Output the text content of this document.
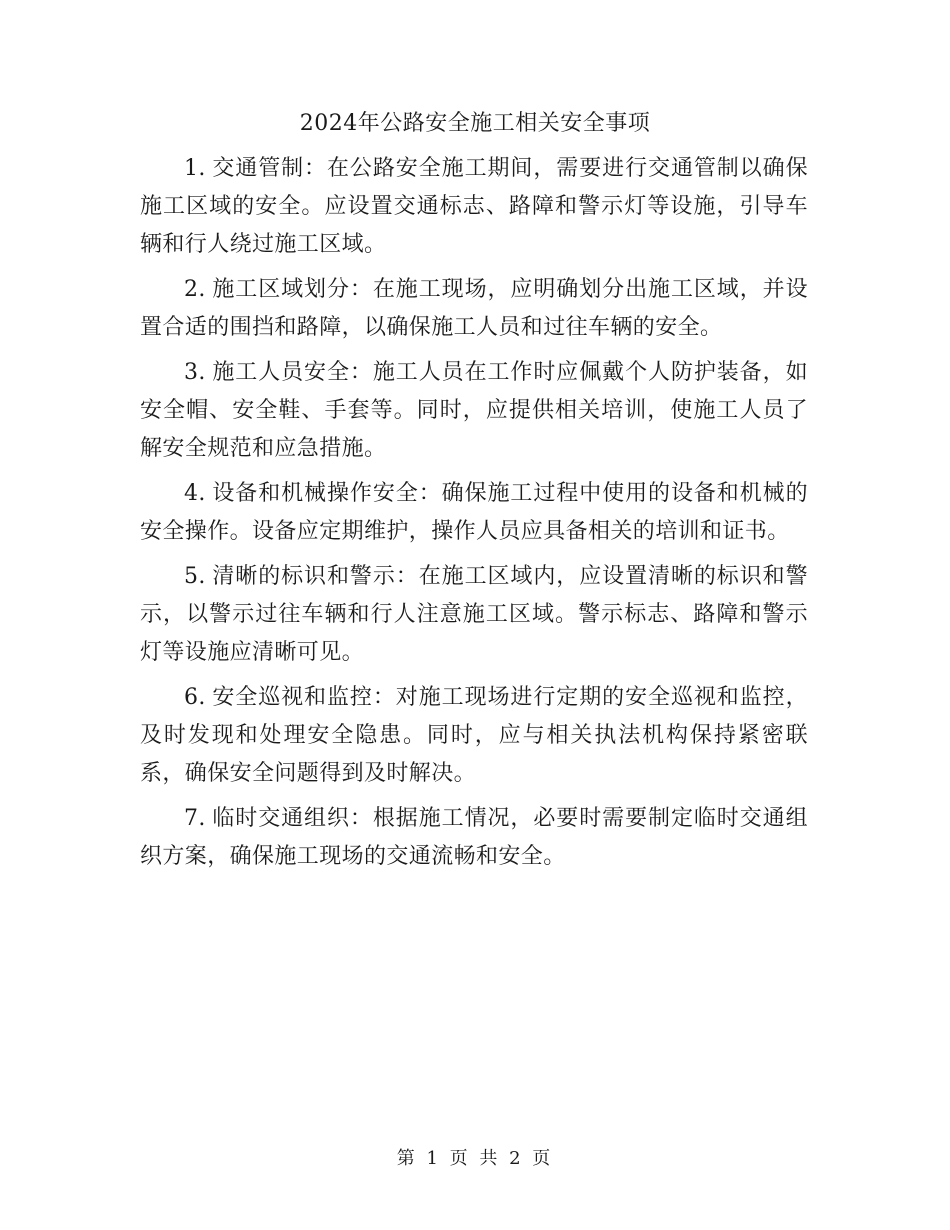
2024年公路安全施工相关安全事项

1. 交通管制：在公路安全施工期间，需要进行交通管制以确保施工区域的安全。应设置交通标志、路障和警示灯等设施，引导车辆和行人绕过施工区域。

2. 施工区域划分：在施工现场，应明确划分出施工区域，并设置合适的围挡和路障，以确保施工人员和过往车辆的安全。

3. 施工人员安全：施工人员在工作时应佩戴个人防护装备，如安全帽、安全鞋、手套等。同时，应提供相关培训，使施工人员了解安全规范和应急措施。

4. 设备和机械操作安全：确保施工过程中使用的设备和机械的安全操作。设备应定期维护，操作人员应具备相关的培训和证书。

5. 清晰的标识和警示：在施工区域内，应设置清晰的标识和警示，以警示过往车辆和行人注意施工区域。警示标志、路障和警示灯等设施应清晰可见。

6. 安全巡视和监控：对施工现场进行定期的安全巡视和监控，及时发现和处理安全隐患。同时，应与相关执法机构保持紧密联系，确保安全问题得到及时解决。

7. 临时交通组织：根据施工情况，必要时需要制定临时交通组织方案，确保施工现场的交通流畅和安全。

第 1 页 共 2 页
